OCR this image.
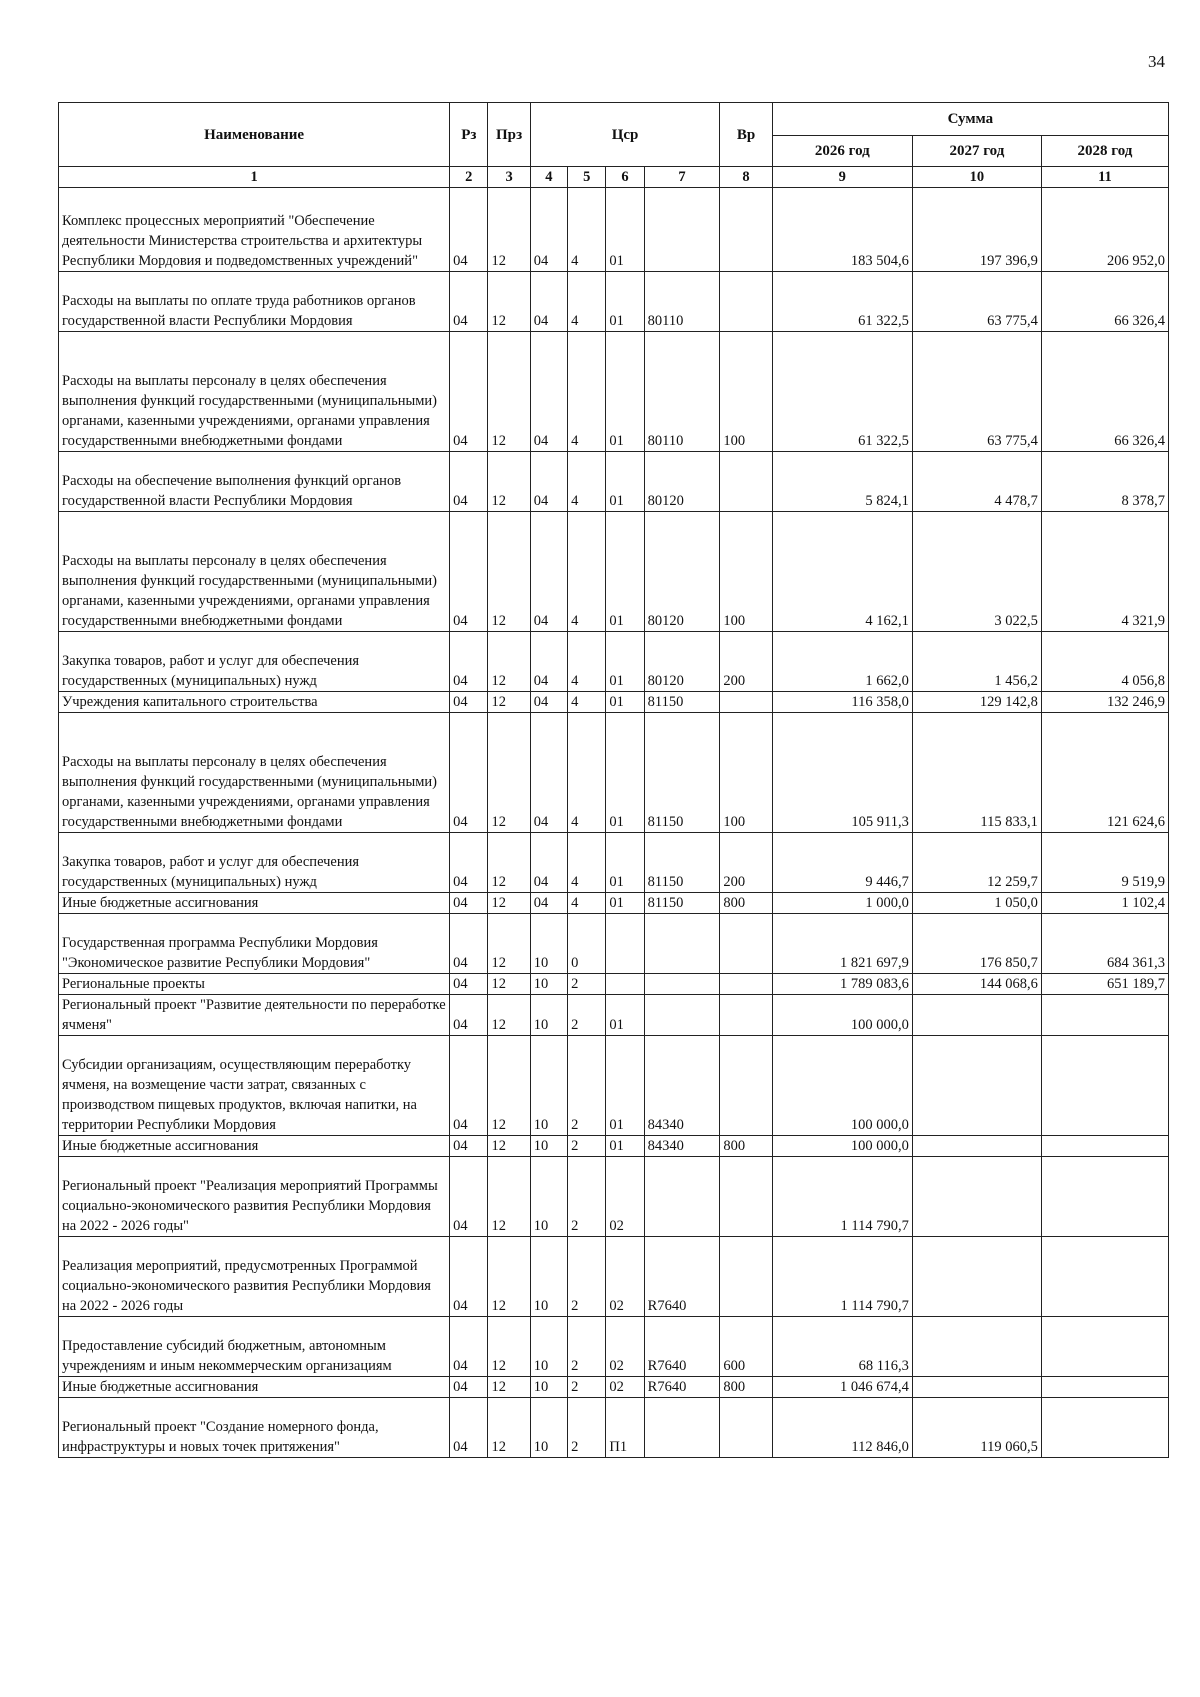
34
Наименование	Рз	Прз	Цср				Вр	Сумма		
								2026 год	2027 год	2028 год
1	2	3	4	5	6	7	8	9	10	11
Комплекс процессных мероприятий "Обеспечение деятельности Министерства строительства и архитектуры Республики Мордовия и подведомственных учреждений"	04	12	04	4	01			183 504,6	197 396,9	206 952,0
Расходы на выплаты по оплате труда работников органов государственной власти Республики Мордовия	04	12	04	4	01	80110		61 322,5	63 775,4	66 326,4
Расходы на выплаты персоналу в целях обеспечения выполнения функций государственными (муниципальными) органами, казенными учреждениями, органами управления государственными внебюджетными фондами	04	12	04	4	01	80110	100	61 322,5	63 775,4	66 326,4
Расходы на обеспечение выполнения функций органов государственной власти Республики Мордовия	04	12	04	4	01	80120		5 824,1	4 478,7	8 378,7
Расходы на выплаты персоналу в целях обеспечения выполнения функций государственными (муниципальными) органами, казенными учреждениями, органами управления государственными внебюджетными фондами	04	12	04	4	01	80120	100	4 162,1	3 022,5	4 321,9
Закупка товаров, работ и услуг для обеспечения государственных (муниципальных) нужд	04	12	04	4	01	80120	200	1 662,0	1 456,2	4 056,8
Учреждения капитального строительства	04	12	04	4	01	81150		116 358,0	129 142,8	132 246,9
Расходы на выплаты персоналу в целях обеспечения выполнения функций государственными (муниципальными) органами, казенными учреждениями, органами управления государственными внебюджетными фондами	04	12	04	4	01	81150	100	105 911,3	115 833,1	121 624,6
Закупка товаров, работ и услуг для обеспечения государственных (муниципальных) нужд	04	12	04	4	01	81150	200	9 446,7	12 259,7	9 519,9
Иные бюджетные ассигнования	04	12	04	4	01	81150	800	1 000,0	1 050,0	1 102,4
Государственная программа Республики Мордовия "Экономическое развитие Республики Мордовия"	04	12	10	0				1 821 697,9	176 850,7	684 361,3
Региональные проекты	04	12	10	2				1 789 083,6	144 068,6	651 189,7
Региональный проект "Развитие деятельности по переработке ячменя"	04	12	10	2	01			100 000,0		
Субсидии организациям, осуществляющим переработку ячменя, на возмещение части затрат, связанных с производством пищевых продуктов, включая напитки, на территории Республики Мордовия	04	12	10	2	01	84340		100 000,0		
Иные бюджетные ассигнования	04	12	10	2	01	84340	800	100 000,0		
Региональный проект "Реализация мероприятий Программы социально-экономического развития Республики Мордовия на 2022 - 2026 годы"	04	12	10	2	02			1 114 790,7		
Реализация мероприятий, предусмотренных Программой социально-экономического развития Республики Мордовия на 2022 - 2026 годы	04	12	10	2	02	R7640		1 114 790,7		
Предоставление субсидий бюджетным, автономным учреждениям и иным некоммерческим организациям	04	12	10	2	02	R7640	600	68 116,3		
Иные бюджетные ассигнования	04	12	10	2	02	R7640	800	1 046 674,4		
Региональный проект "Создание номерного фонда, инфраструктуры и новых точек притяжения"	04	12	10	2	П1			112 846,0	119 060,5	
